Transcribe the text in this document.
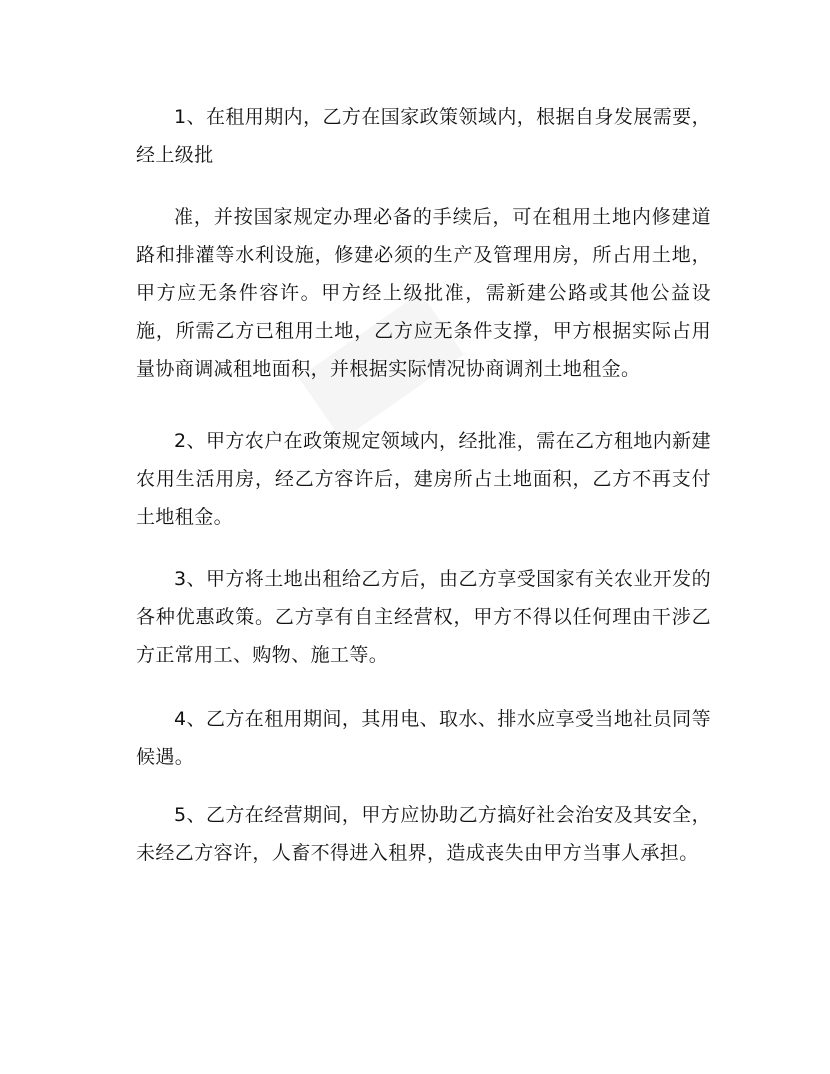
1、在租用期内，乙方在国家政策领域内，根据自身发展需要，经上级批

准，并按国家规定办理必备的手续后，可在租用土地内修建道路和排灌等水利设施，修建必须的生产及管理用房，所占用土地，甲方应无条件容许。甲方经上级批准，需新建公路或其他公益设施，所需乙方已租用土地，乙方应无条件支撑，甲方根据实际占用量协商调减租地面积，并根据实际情况协商调剂土地租金。

2、甲方农户在政策规定领域内，经批准，需在乙方租地内新建农用生活用房，经乙方容许后，建房所占土地面积，乙方不再支付土地租金。

3、甲方将土地出租给乙方后，由乙方享受国家有关农业开发的各种优惠政策。乙方享有自主经营权，甲方不得以任何理由干涉乙方正常用工、购物、施工等。

4、乙方在租用期间，其用电、取水、排水应享受当地社员同等候遇。

5、乙方在经营期间，甲方应协助乙方搞好社会治安及其安全，未经乙方容许，人畜不得进入租界，造成丧失由甲方当事人承担。
